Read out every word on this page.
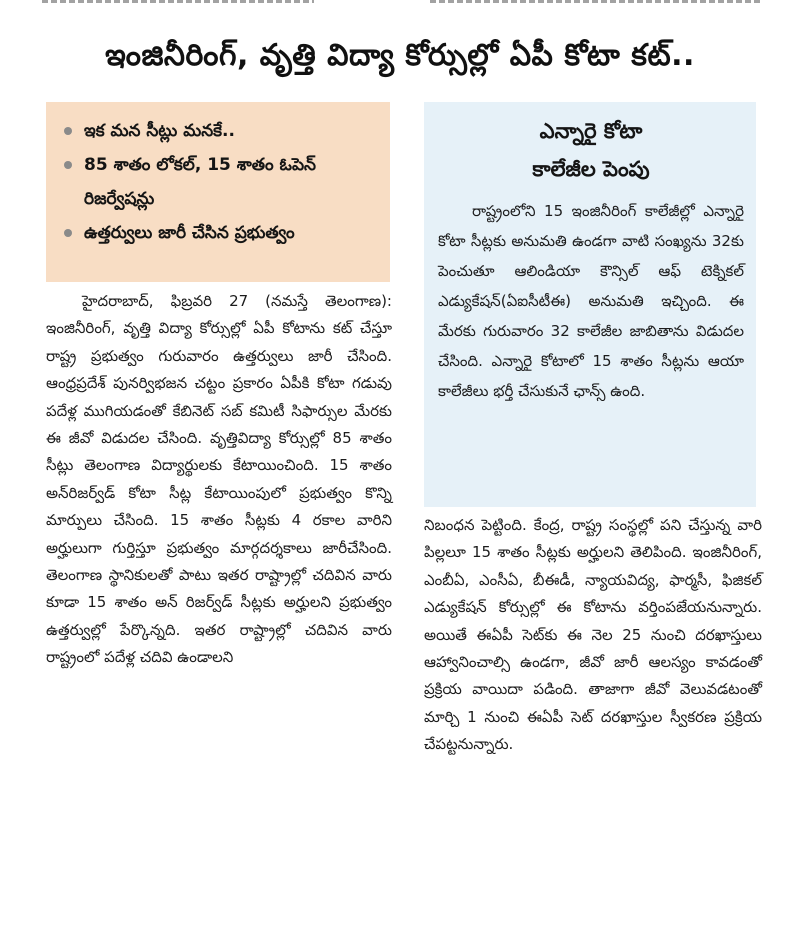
ఇంజినీరింగ్, వృత్తి విద్యా కోర్సుల్లో ఏపీ కోటా కట్..
ఇక మన సీట్లు మనకే..
85 శాతం లోకల్, 15 శాతం ఓపెన్ రిజర్వేషన్లు
ఉత్తర్వులు జారీ చేసిన ప్రభుత్వం
ఎన్నారై కోటా
కాలేజీల పెంపు
రాష్ట్రంలోని 15 ఇంజినీరింగ్ కాలేజీల్లో ఎన్నారై కోటా సీట్లకు అనుమతి ఉండగా వాటి సంఖ్యను 32కు పెంచుతూ ఆలిండియా కౌన్సిల్ ఆఫ్ టెక్నికల్ ఎడ్యుకేషన్(ఏఐసీటీఈ) అనుమతి ఇచ్చింది. ఈ మేరకు గురువారం 32 కాలేజీల జాబితాను విడుదల చేసింది. ఎన్నారై కోటాలో 15 శాతం సీట్లను ఆయా కాలేజీలు భర్తీ చేసుకునే ఛాన్స్ ఉంది.
హైదరాబాద్, ఫిబ్రవరి 27 (నమస్తే తెలంగాణ): ఇంజినీరింగ్, వృత్తి విద్యా కోర్సుల్లో ఏపీ కోటాను కట్ చేస్తూ రాష్ట్ర ప్రభుత్వం గురువారం ఉత్తర్వులు జారీ చేసింది. ఆంధ్రప్రదేశ్ పునర్విభజన చట్టం ప్రకారం ఏపీకి కోటా గడువు పదేళ్ల ముగియడంతో కేబినెట్ సబ్ కమిటీ సిఫార్సుల మేరకు ఈ జీవో విడుదల చేసింది. వృత్తివిద్యా కోర్సుల్లో 85 శాతం సీట్లు తెలంగాణ విద్యార్థులకు కేటాయించింది. 15 శాతం అన్‌రిజర్వ్‌డ్ కోటా సీట్ల కేటాయింపులో ప్రభుత్వం కొన్ని మార్పులు చేసింది. 15 శాతం సీట్లకు 4 రకాల వారిని అర్హులుగా గుర్తిస్తూ ప్రభుత్వం మార్గదర్శకాలు జారీచేసింది. తెలంగాణ స్థానికులతో పాటు ఇతర రాష్ట్రాల్లో చదివిన వారు కూడా 15 శాతం అన్ రిజర్వ్‌డ్ సీట్లకు అర్హులని ప్రభుత్వం ఉత్తర్వుల్లో పేర్కొన్నది. ఇతర రాష్ట్రాల్లో చదివిన వారు రాష్ట్రంలో పదేళ్ల చదివి ఉండాలని
నిబంధన పెట్టింది. కేంద్ర, రాష్ట్ర సంస్థల్లో పని చేస్తున్న వారి పిల్లలూ 15 శాతం సీట్లకు అర్హులని తెలిపింది. ఇంజినీరింగ్, ఎంబీఏ, ఎంసీఏ, బీఈడీ, న్యాయవిద్య, ఫార్మసీ, ఫిజికల్ ఎడ్యుకేషన్ కోర్సుల్లో ఈ కోటాను వర్తింపజేయనున్నారు. అయితే ఈఏపీ సెట్‌కు ఈ నెల 25 నుంచి దరఖాస్తులు ఆహ్వానించాల్సి ఉండగా, జీవో జారీ ఆలస్యం కావడంతో ప్రక్రియ వాయిదా పడింది. తాజాగా జీవో వెలువడటంతో మార్చి 1 నుంచి ఈఏపీ సెట్ దరఖాస్తుల స్వీకరణ ప్రక్రియ చేపట్టనున్నారు.
